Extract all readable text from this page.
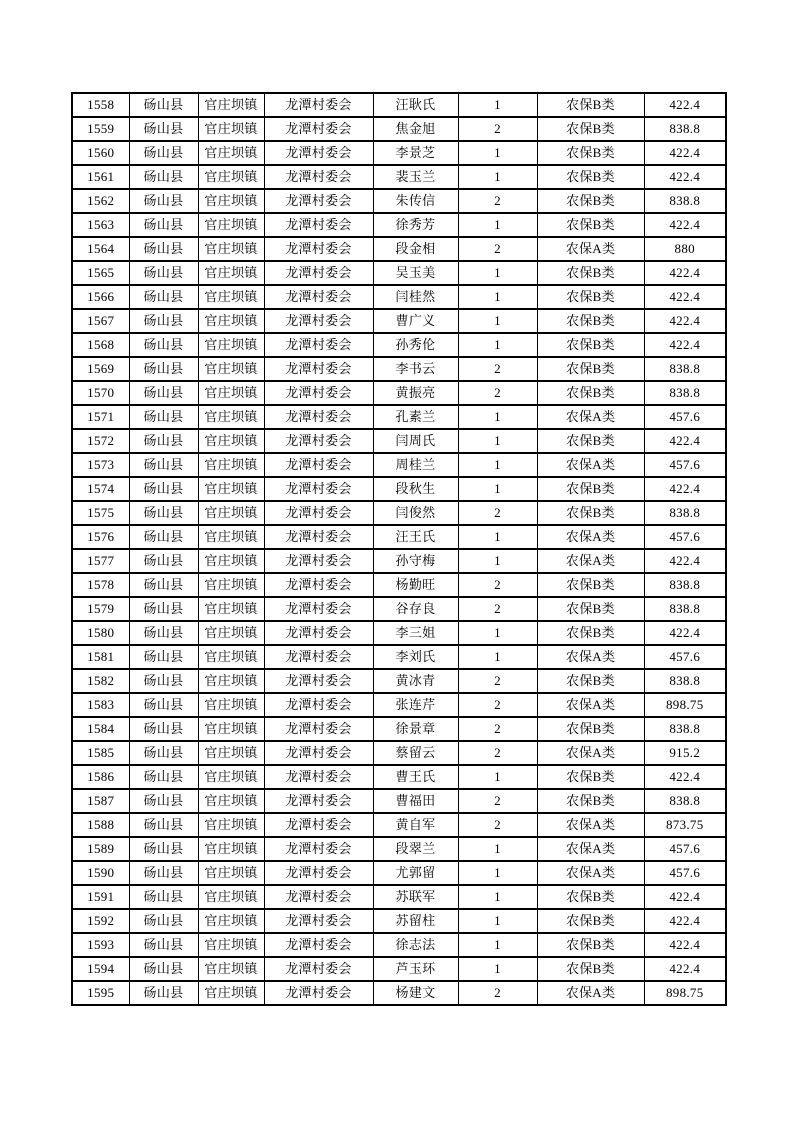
1558	砀山县	官庄坝镇	龙潭村委会	汪耿氏	1	农保B类	422.4
1559	砀山县	官庄坝镇	龙潭村委会	焦金旭	2	农保B类	838.8
1560	砀山县	官庄坝镇	龙潭村委会	李景芝	1	农保B类	422.4
1561	砀山县	官庄坝镇	龙潭村委会	裴玉兰	1	农保B类	422.4
1562	砀山县	官庄坝镇	龙潭村委会	朱传信	2	农保B类	838.8
1563	砀山县	官庄坝镇	龙潭村委会	徐秀芳	1	农保B类	422.4
1564	砀山县	官庄坝镇	龙潭村委会	段金相	2	农保A类	880
1565	砀山县	官庄坝镇	龙潭村委会	吴玉美	1	农保B类	422.4
1566	砀山县	官庄坝镇	龙潭村委会	闫桂然	1	农保B类	422.4
1567	砀山县	官庄坝镇	龙潭村委会	曹广义	1	农保B类	422.4
1568	砀山县	官庄坝镇	龙潭村委会	孙秀伦	1	农保B类	422.4
1569	砀山县	官庄坝镇	龙潭村委会	李书云	2	农保B类	838.8
1570	砀山县	官庄坝镇	龙潭村委会	黄振亮	2	农保B类	838.8
1571	砀山县	官庄坝镇	龙潭村委会	孔素兰	1	农保A类	457.6
1572	砀山县	官庄坝镇	龙潭村委会	闫周氏	1	农保B类	422.4
1573	砀山县	官庄坝镇	龙潭村委会	周桂兰	1	农保A类	457.6
1574	砀山县	官庄坝镇	龙潭村委会	段秋生	1	农保B类	422.4
1575	砀山县	官庄坝镇	龙潭村委会	闫俊然	2	农保B类	838.8
1576	砀山县	官庄坝镇	龙潭村委会	汪王氏	1	农保A类	457.6
1577	砀山县	官庄坝镇	龙潭村委会	孙守梅	1	农保A类	422.4
1578	砀山县	官庄坝镇	龙潭村委会	杨勤旺	2	农保B类	838.8
1579	砀山县	官庄坝镇	龙潭村委会	谷存良	2	农保B类	838.8
1580	砀山县	官庄坝镇	龙潭村委会	李三姐	1	农保B类	422.4
1581	砀山县	官庄坝镇	龙潭村委会	李刘氏	1	农保A类	457.6
1582	砀山县	官庄坝镇	龙潭村委会	黄冰青	2	农保B类	838.8
1583	砀山县	官庄坝镇	龙潭村委会	张连芹	2	农保A类	898.75
1584	砀山县	官庄坝镇	龙潭村委会	徐景章	2	农保B类	838.8
1585	砀山县	官庄坝镇	龙潭村委会	蔡留云	2	农保A类	915.2
1586	砀山县	官庄坝镇	龙潭村委会	曹王氏	1	农保B类	422.4
1587	砀山县	官庄坝镇	龙潭村委会	曹福田	2	农保B类	838.8
1588	砀山县	官庄坝镇	龙潭村委会	黄自军	2	农保A类	873.75
1589	砀山县	官庄坝镇	龙潭村委会	段翠兰	1	农保A类	457.6
1590	砀山县	官庄坝镇	龙潭村委会	尤郭留	1	农保A类	457.6
1591	砀山县	官庄坝镇	龙潭村委会	苏联军	1	农保B类	422.4
1592	砀山县	官庄坝镇	龙潭村委会	苏留柱	1	农保B类	422.4
1593	砀山县	官庄坝镇	龙潭村委会	徐志法	1	农保B类	422.4
1594	砀山县	官庄坝镇	龙潭村委会	芦玉环	1	农保B类	422.4
1595	砀山县	官庄坝镇	龙潭村委会	杨建文	2	农保A类	898.75
